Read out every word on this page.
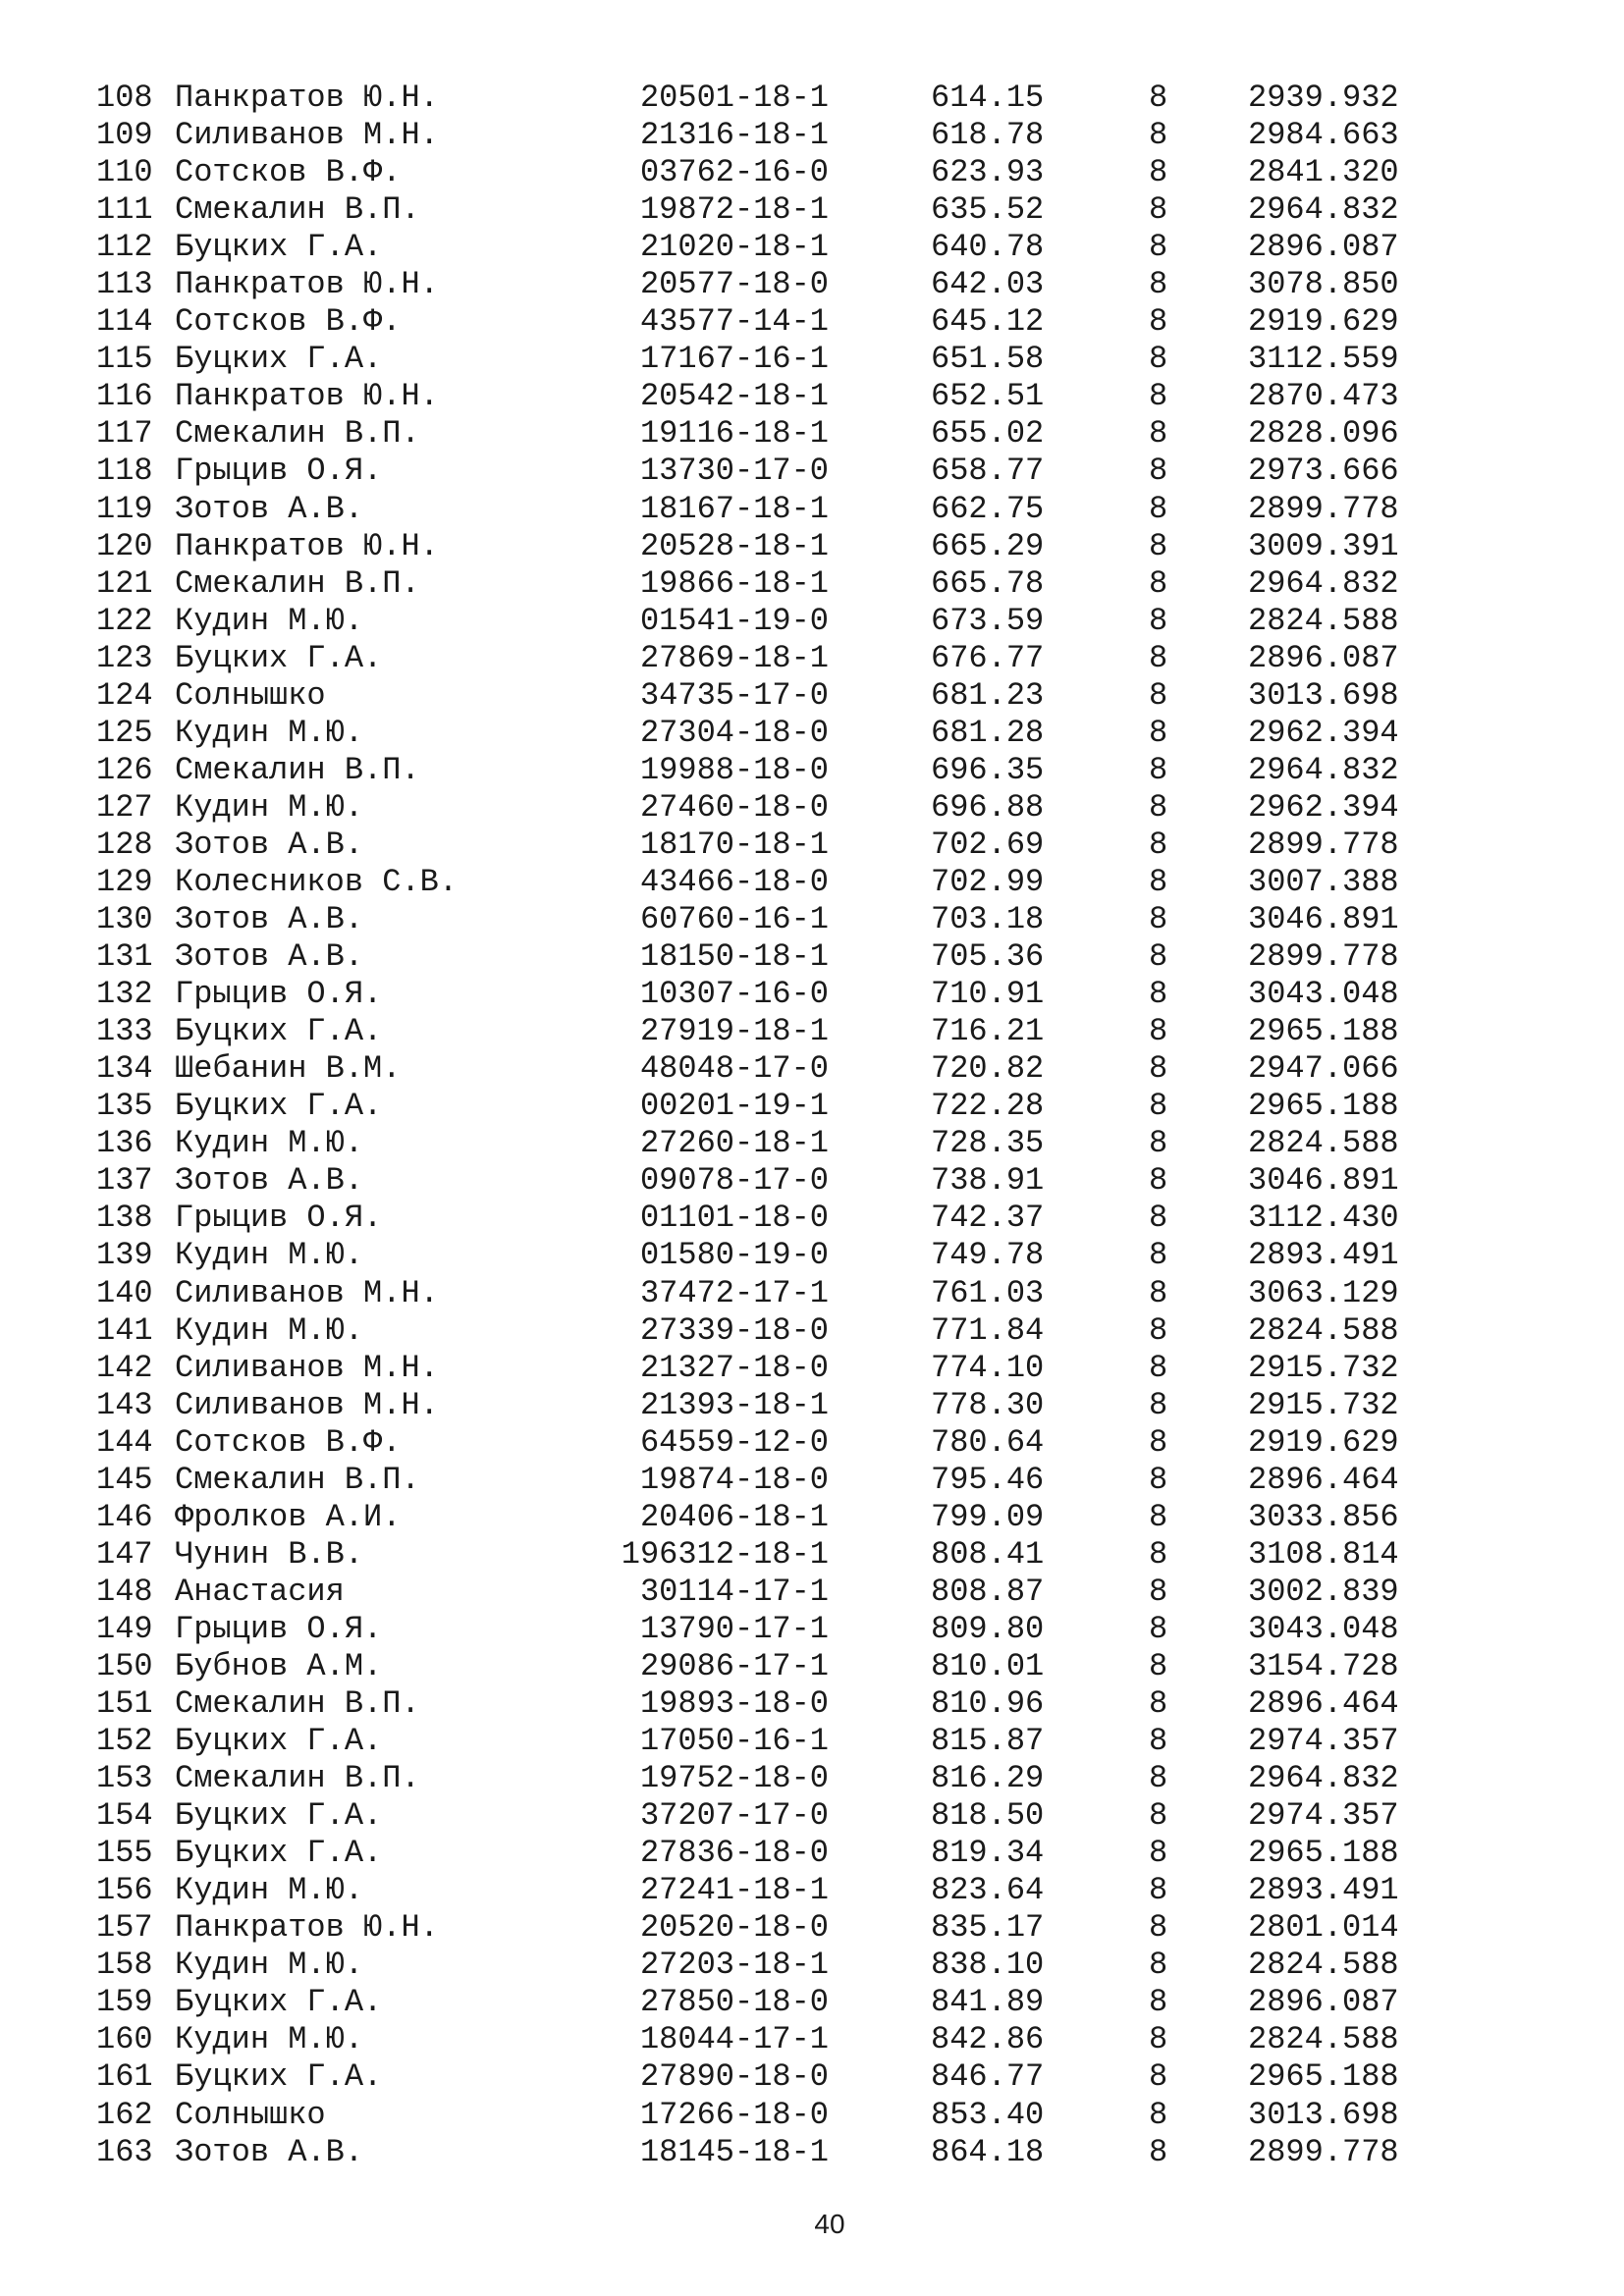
108 Панкратов Ю.Н.	20501-18-1	614.15	8	2939.932
109 Силиванов М.Н.	21316-18-1	618.78	8	2984.663
110 Сотсков В.Ф.	03762-16-0	623.93	8	2841.320
111 Смекалин В.П.	19872-18-1	635.52	8	2964.832
112 Буцких Г.А.	21020-18-1	640.78	8	2896.087
113 Панкратов Ю.Н.	20577-18-0	642.03	8	3078.850
114 Сотсков В.Ф.	43577-14-1	645.12	8	2919.629
115 Буцких Г.А.	17167-16-1	651.58	8	3112.559
116 Панкратов Ю.Н.	20542-18-1	652.51	8	2870.473
117 Смекалин В.П.	19116-18-1	655.02	8	2828.096
118 Грыцив О.Я.	13730-17-0	658.77	8	2973.666
119 Зотов А.В.	18167-18-1	662.75	8	2899.778
120 Панкратов Ю.Н.	20528-18-1	665.29	8	3009.391
121 Смекалин В.П.	19866-18-1	665.78	8	2964.832
122 Кудин М.Ю.	01541-19-0	673.59	8	2824.588
123 Буцких Г.А.	27869-18-1	676.77	8	2896.087
124 Солнышко	34735-17-0	681.23	8	3013.698
125 Кудин М.Ю.	27304-18-0	681.28	8	2962.394
126 Смекалин В.П.	19988-18-0	696.35	8	2964.832
127 Кудин М.Ю.	27460-18-0	696.88	8	2962.394
128 Зотов А.В.	18170-18-1	702.69	8	2899.778
129 Колесников С.В.	43466-18-0	702.99	8	3007.388
130 Зотов А.В.	60760-16-1	703.18	8	3046.891
131 Зотов А.В.	18150-18-1	705.36	8	2899.778
132 Грыцив О.Я.	10307-16-0	710.91	8	3043.048
133 Буцких Г.А.	27919-18-1	716.21	8	2965.188
134 Шебанин В.М.	48048-17-0	720.82	8	2947.066
135 Буцких Г.А.	00201-19-1	722.28	8	2965.188
136 Кудин М.Ю.	27260-18-1	728.35	8	2824.588
137 Зотов А.В.	09078-17-0	738.91	8	3046.891
138 Грыцив О.Я.	01101-18-0	742.37	8	3112.430
139 Кудин М.Ю.	01580-19-0	749.78	8	2893.491
140 Силиванов М.Н.	37472-17-1	761.03	8	3063.129
141 Кудин М.Ю.	27339-18-0	771.84	8	2824.588
142 Силиванов М.Н.	21327-18-0	774.10	8	2915.732
143 Силиванов М.Н.	21393-18-1	778.30	8	2915.732
144 Сотсков В.Ф.	64559-12-0	780.64	8	2919.629
145 Смекалин В.П.	19874-18-0	795.46	8	2896.464
146 Фролков А.И.	20406-18-1	799.09	8	3033.856
147 Чунин В.В.	196312-18-1	808.41	8	3108.814
148 Анастасия	30114-17-1	808.87	8	3002.839
149 Грыцив О.Я.	13790-17-1	809.80	8	3043.048
150 Бубнов А.М.	29086-17-1	810.01	8	3154.728
151 Смекалин В.П.	19893-18-0	810.96	8	2896.464
152 Буцких Г.А.	17050-16-1	815.87	8	2974.357
153 Смекалин В.П.	19752-18-0	816.29	8	2964.832
154 Буцких Г.А.	37207-17-0	818.50	8	2974.357
155 Буцких Г.А.	27836-18-0	819.34	8	2965.188
156 Кудин М.Ю.	27241-18-1	823.64	8	2893.491
157 Панкратов Ю.Н.	20520-18-0	835.17	8	2801.014
158 Кудин М.Ю.	27203-18-1	838.10	8	2824.588
159 Буцких Г.А.	27850-18-0	841.89	8	2896.087
160 Кудин М.Ю.	18044-17-1	842.86	8	2824.588
161 Буцких Г.А.	27890-18-0	846.77	8	2965.188
162 Солнышко	17266-18-0	853.40	8	3013.698
163 Зотов А.В.	18145-18-1	864.18	8	2899.778
40
